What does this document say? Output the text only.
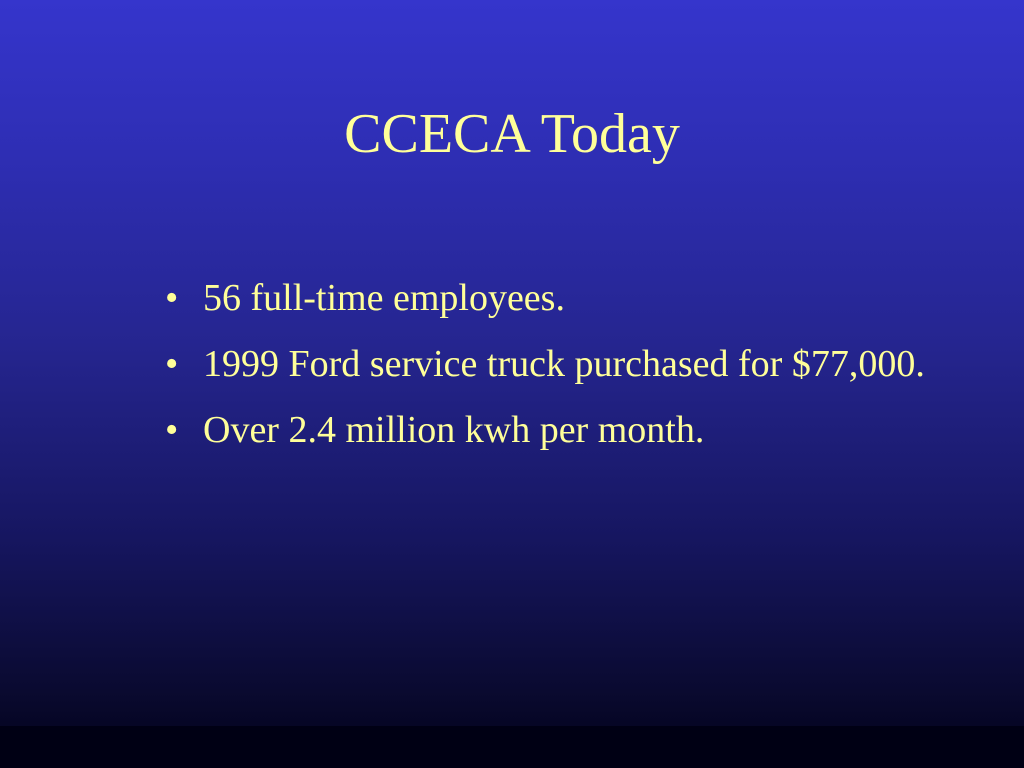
CCECA Today
• 56 full-time employees.
• 1999 Ford service truck purchased for $77,000.
• Over 2.4 million kwh per month.
